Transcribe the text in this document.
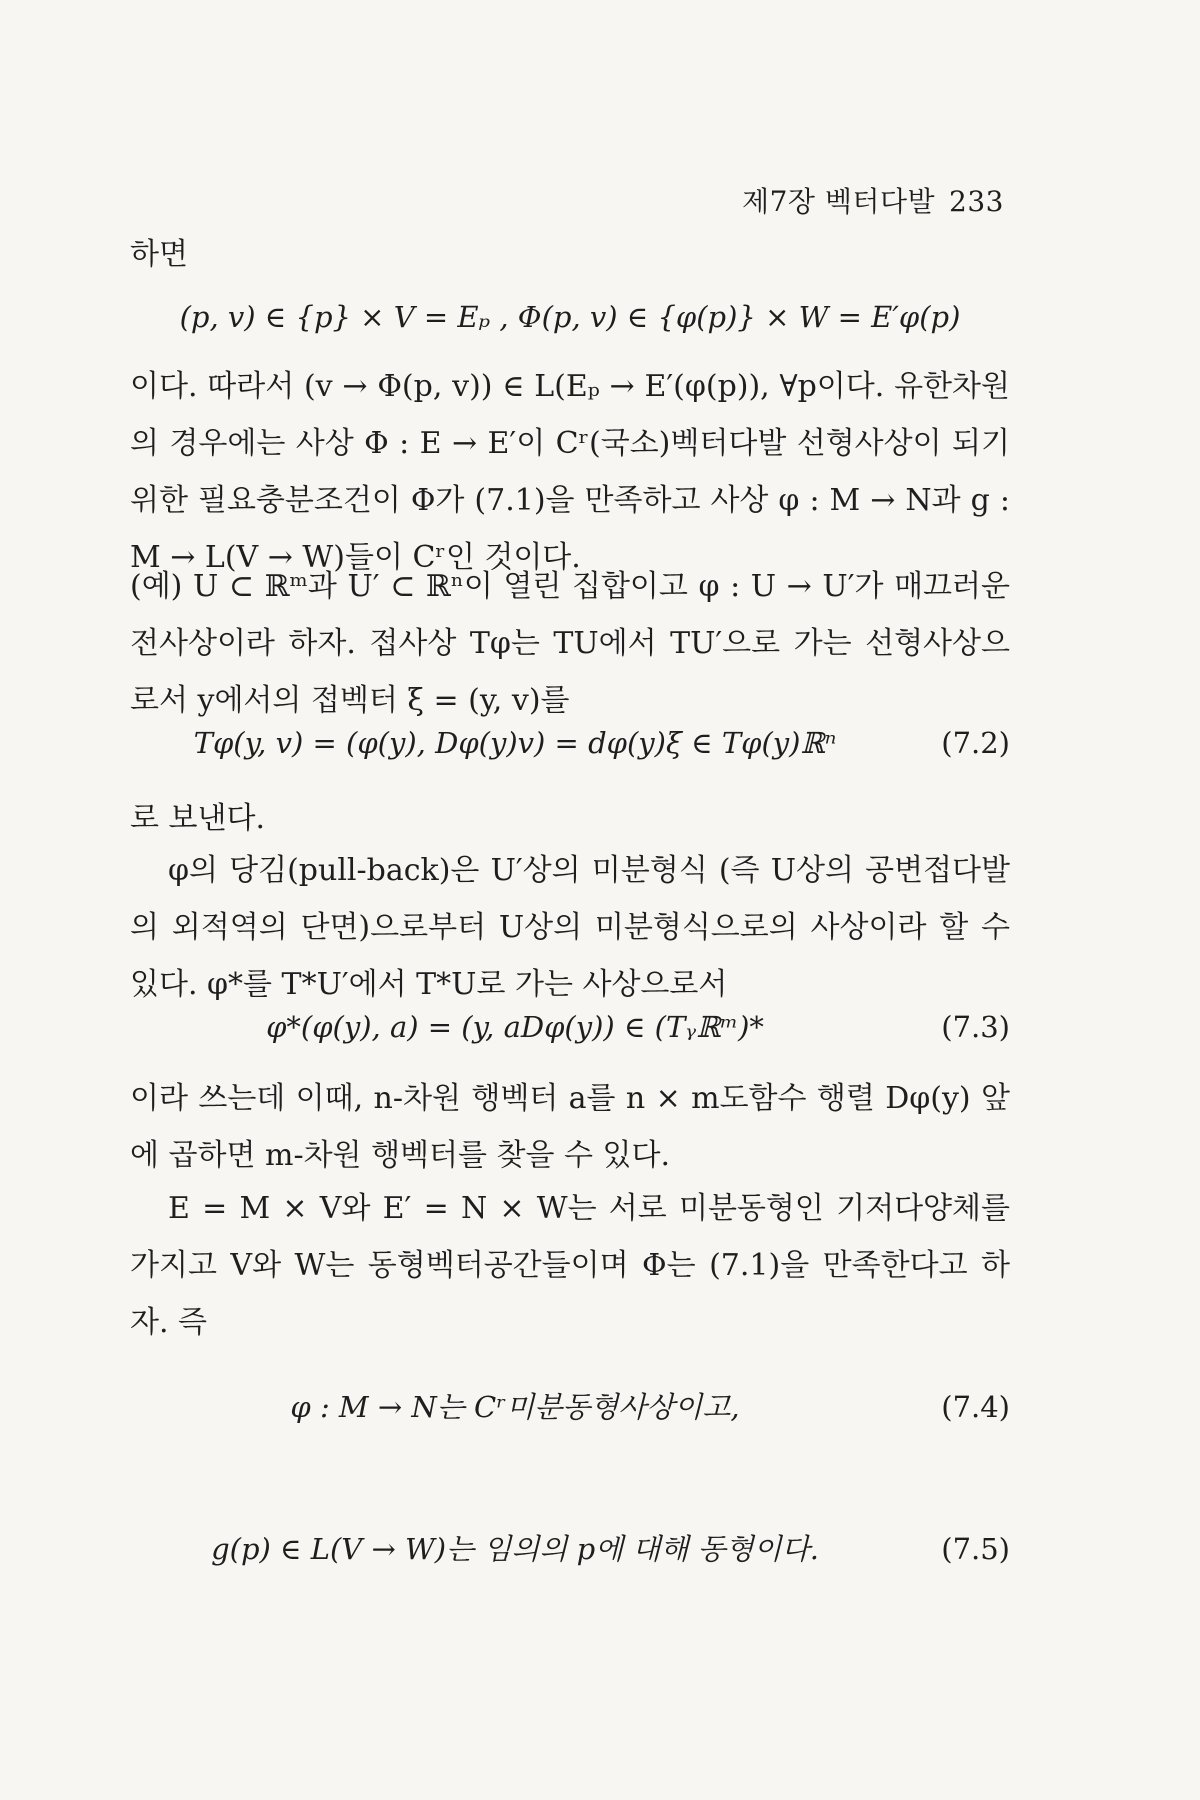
제7장 벡터다발 233

하면

(p, v) ∈ {p} × V = Eₚ , Φ(p, v) ∈ {φ(p)} × W = E′φ(p)

이다. 따라서 (v → Φ(p, v)) ∈ L(Eₚ → E′(φ(p)), ∀p이다. 유한차원의 경우에는 사상 Φ : E → E′이 Cʳ(국소)벡터다발 선형사상이 되기 위한 필요충분조건이 Φ가 (7.1)을 만족하고 사상 φ : M → N과 g : M → L(V → W)들이 Cʳ인 것이다.

(예) U ⊂ ℝᵐ과 U′ ⊂ ℝⁿ이 열린 집합이고 φ : U → U′가 매끄러운 전사상이라 하자. 접사상 Tφ는 TU에서 TU′으로 가는 선형사상으로서 y에서의 접벡터 ξ = (y, v)를

Tφ(y, v) = (φ(y), Dφ(y)v) = dφ(y)ξ ∈ Tφ(y)ℝⁿ	(7.2)

로 보낸다.

φ의 당김(pull-back)은 U′상의 미분형식 (즉 U상의 공변접다발의 외적역의 단면)으로부터 U상의 미분형식으로의 사상이라 할 수 있다. φ*를 T*U′에서 T*U로 가는 사상으로서

φ*(φ(y), a) = (y, aDφ(y)) ∈ (Tᵧℝᵐ)*	(7.3)

이라 쓰는데 이때, n-차원 행벡터 a를 n × m도함수 행렬 Dφ(y) 앞에 곱하면 m-차원 행벡터를 찾을 수 있다.

E = M × V와 E′ = N × W는 서로 미분동형인 기저다양체를 가지고 V와 W는 동형벡터공간들이며 Φ는 (7.1)을 만족한다고 하자. 즉

φ : M → N는 Cʳ미분동형사상이고,	(7.4)
g(p) ∈ L(V → W)는 임의의 p에 대해 동형이다.	(7.5)
